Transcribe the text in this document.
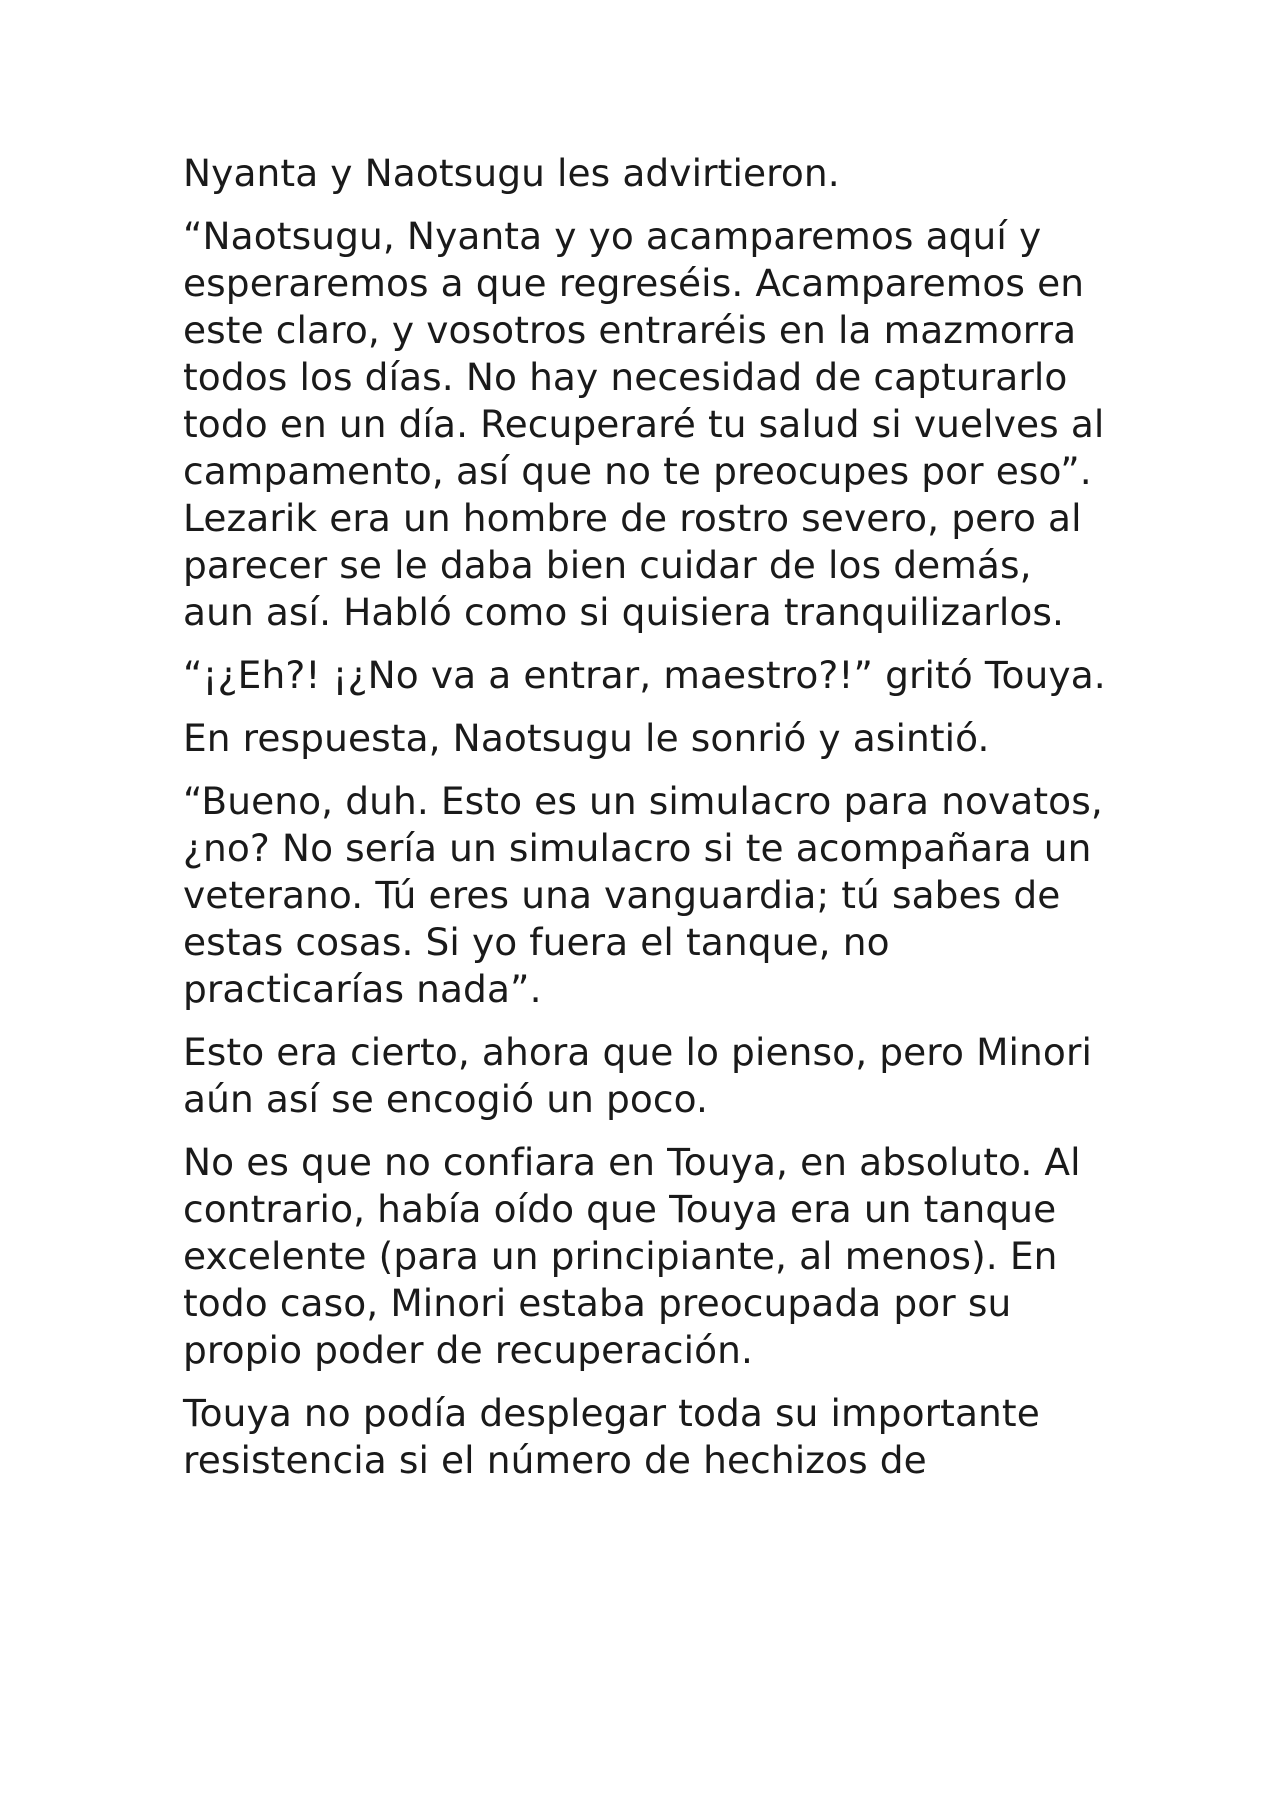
Nyanta y Naotsugu les advirtieron.

“Naotsugu, Nyanta y yo acamparemos aquí y esperaremos a que regreséis. Acamparemos en este claro, y vosotros entraréis en la mazmorra todos los días. No hay necesidad de capturarlo todo en un día. Recuperaré tu salud si vuelves al campamento, así que no te preocupes por eso”. Lezarik era un hombre de rostro severo, pero al parecer se le daba bien cuidar de los demás, aun así. Habló como si quisiera tranquilizarlos.

“¡¿Eh?! ¡¿No va a entrar, maestro?!” gritó Touya.

En respuesta, Naotsugu le sonrió y asintió.

“Bueno, duh. Esto es un simulacro para novatos, ¿no? No sería un simulacro si te acompañara un veterano. Tú eres una vanguardia; tú sabes de estas cosas. Si yo fuera el tanque, no practicarías nada”.

Esto era cierto, ahora que lo pienso, pero Minori aún así se encogió un poco.

No es que no confiara en Touya, en absoluto. Al contrario, había oído que Touya era un tanque excelente (para un principiante, al menos). En todo caso, Minori estaba preocupada por su propio poder de recuperación.

Touya no podía desplegar toda su importante resistencia si el número de hechizos de
